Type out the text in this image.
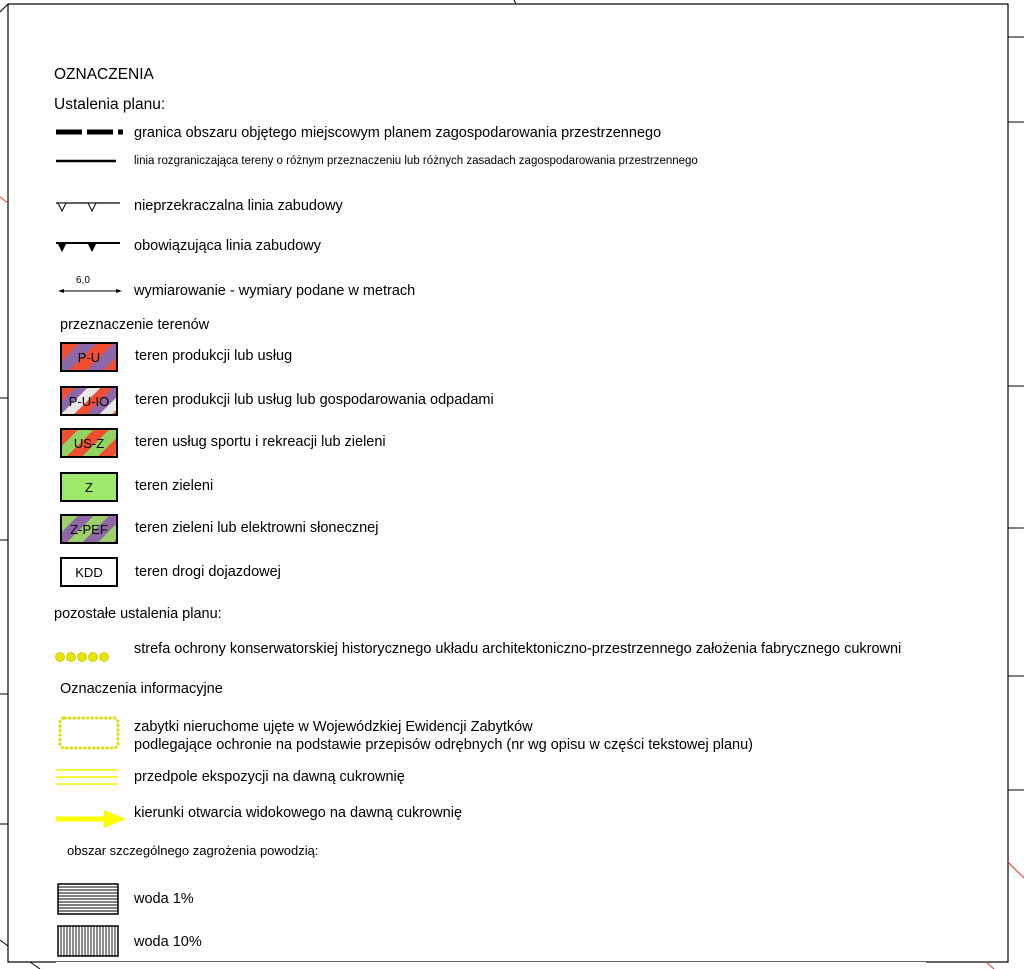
OZNACZENIA
Ustalenia planu:
granica obszaru objętego miejscowym planem zagospodarowania przestrzennego
linia rozgraniczająca tereny o różnym przeznaczeniu lub różnych zasadach zagospodarowania przestrzennego
nieprzekraczalna linia zabudowy
obowiązująca linia zabudowy
6,0
wymiarowanie - wymiary podane w metrach
przeznaczenie terenów
P-U teren produkcji lub usług
P-U-IO teren produkcji lub usług lub gospodarowania odpadami
US-Z teren usług sportu i rekreacji lub zieleni
Z	teren zieleni
Z-PEF teren zieleni lub elektrowni słonecznej
KDD teren drogi dojazdowej
pozostałe ustalenia planu:
strefa ochrony konserwatorskiej historycznego układu architektoniczno-przestrzennego założenia fabrycznego cukrowni
Oznaczenia informacyjne
zabytki nieruchome ujęte w Wojewódzkiej Ewidencji Zabytków
podlegające ochronie na podstawie przepisów odrębnych (nr wg opisu w części tekstowej planu)
przedpole ekspozycji na dawną cukrownię
kierunki otwarcia widokowego na dawną cukrownię
obszar szczególnego zagrożenia powodzią:
woda 1%
woda 10%
